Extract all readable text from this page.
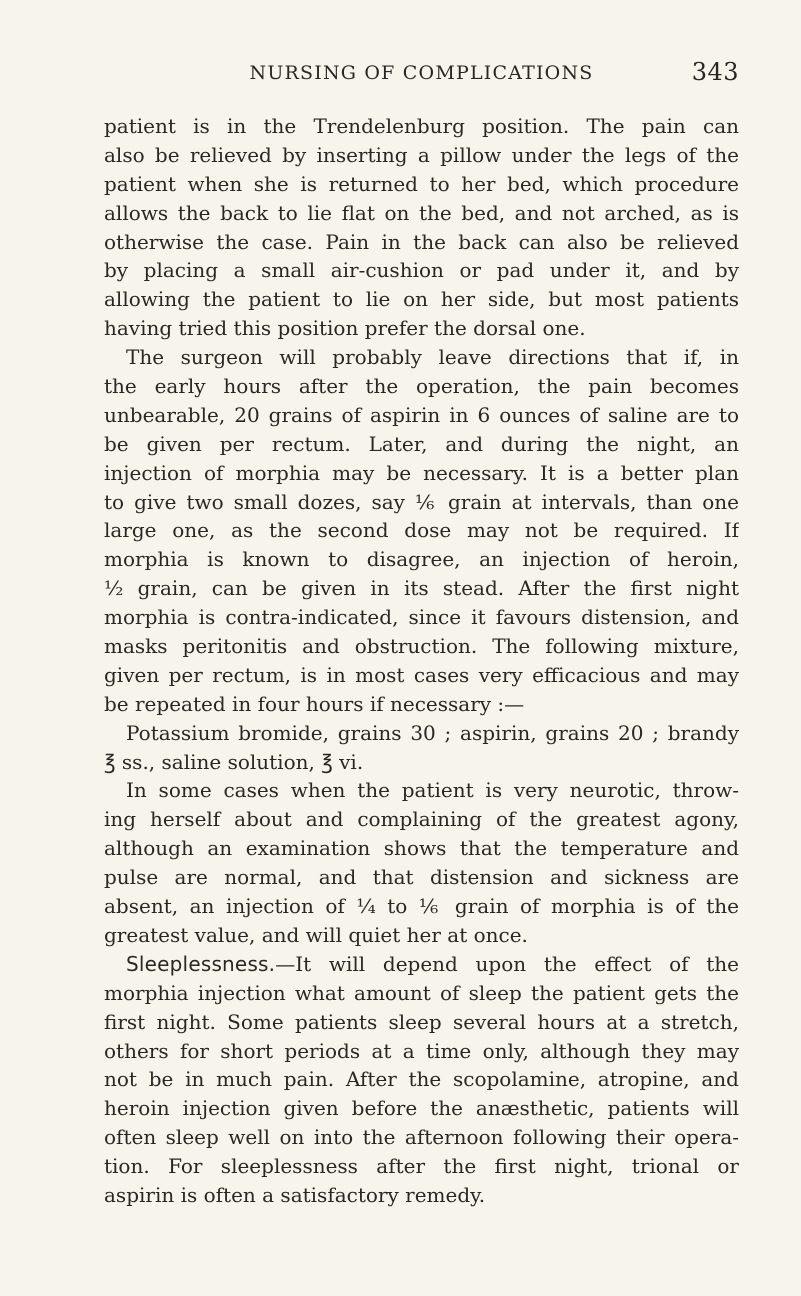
NURSING OF COMPLICATIONS	343
patient is in the Trendelenburg position. The pain can
also be relieved by inserting a pillow under the legs of the
patient when she is returned to her bed, which procedure
allows the back to lie flat on the bed, and not arched, as is
otherwise the case. Pain in the back can also be relieved
by placing a small air-cushion or pad under it, and by
allowing the patient to lie on her side, but most patients
having tried this position prefer the dorsal one.
The surgeon will probably leave directions that if, in
the early hours after the operation, the pain becomes
unbearable, 20 grains of aspirin in 6 ounces of saline are to
be given per rectum. Later, and during the night, an
injection of morphia may be necessary. It is a better plan
to give two small dozes, say ⅙ grain at intervals, than one
large one, as the second dose may not be required. If
morphia is known to disagree, an injection of heroin,
½ grain, can be given in its stead. After the first night
morphia is contra-indicated, since it favours distension, and
masks peritonitis and obstruction. The following mixture,
given per rectum, is in most cases very efficacious and may
be repeated in four hours if necessary :—
Potassium bromide, grains 30 ; aspirin, grains 20 ; brandy
℥ ss., saline solution, ℥ vi.
In some cases when the patient is very neurotic, throw-
ing herself about and complaining of the greatest agony,
although an examination shows that the temperature and
pulse are normal, and that distension and sickness are
absent, an injection of ¼ to ⅙ grain of morphia is of the
greatest value, and will quiet her at once.
Sleeplessness.—It will depend upon the effect of the
morphia injection what amount of sleep the patient gets the
first night. Some patients sleep several hours at a stretch,
others for short periods at a time only, although they may
not be in much pain. After the scopolamine, atropine, and
heroin injection given before the anæsthetic, patients will
often sleep well on into the afternoon following their opera-
tion. For sleeplessness after the first night, trional or
aspirin is often a satisfactory remedy.
